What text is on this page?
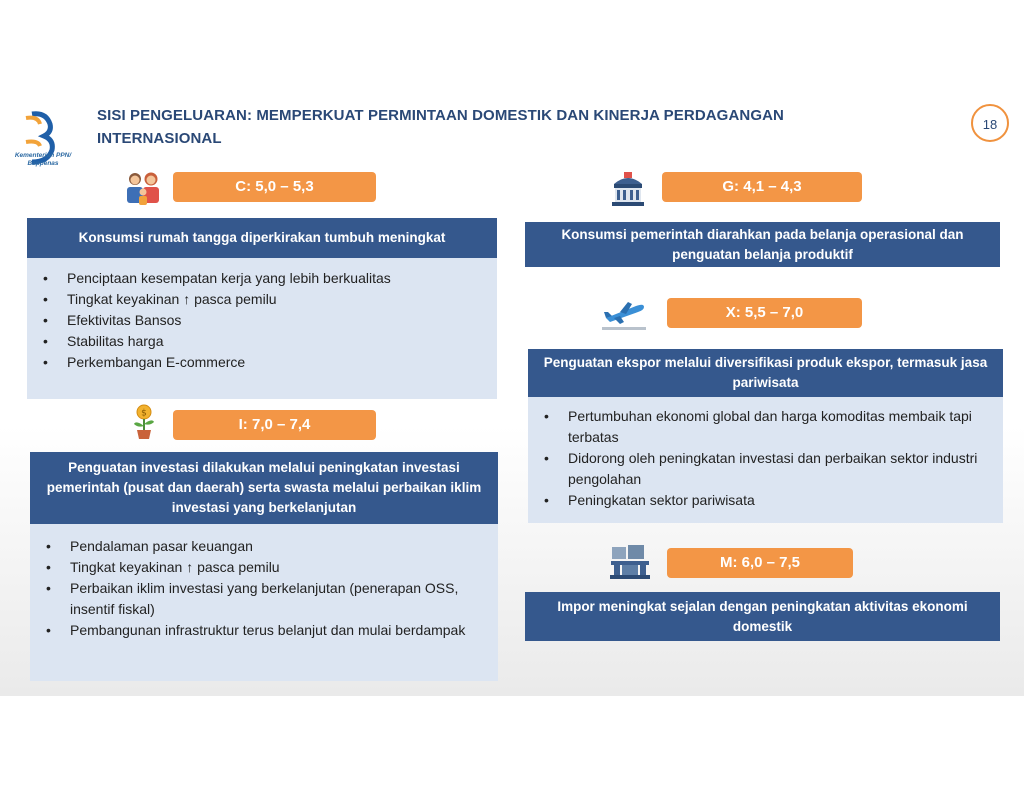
Kementerian PPN/ Bappenas
SISI PENGELUARAN: MEMPERKUAT PERMINTAAN DOMESTIK DAN KINERJA PERDAGANGAN INTERNASIONAL
18
C: 5,0 – 5,3
Konsumsi rumah tangga diperkirakan tumbuh meningkat
• Penciptaan kesempatan kerja yang lebih berkualitas
• Tingkat keyakinan ↑ pasca pemilu
• Efektivitas Bansos
• Stabilitas harga
• Perkembangan E-commerce
$
I: 7,0 – 7,4
Penguatan investasi dilakukan melalui peningkatan investasi pemerintah (pusat dan daerah) serta swasta melalui perbaikan iklim investasi yang berkelanjutan
• Pendalaman pasar keuangan
• Tingkat keyakinan ↑ pasca pemilu
• Perbaikan iklim investasi yang berkelanjutan (penerapan OSS, insentif fiskal)
• Pembangunan infrastruktur terus belanjut dan mulai berdampak
G: 4,1 – 4,3
Konsumsi pemerintah diarahkan pada belanja operasional dan penguatan belanja produktif
X: 5,5 – 7,0
Penguatan ekspor melalui diversifikasi produk ekspor, termasuk jasa pariwisata
• Pertumbuhan ekonomi global dan harga komoditas membaik tapi terbatas
• Didorong oleh peningkatan investasi dan perbaikan sektor industri pengolahan
• Peningkatan sektor pariwisata
M: 6,0 – 7,5
Impor meningkat sejalan dengan peningkatan aktivitas ekonomi domestik
